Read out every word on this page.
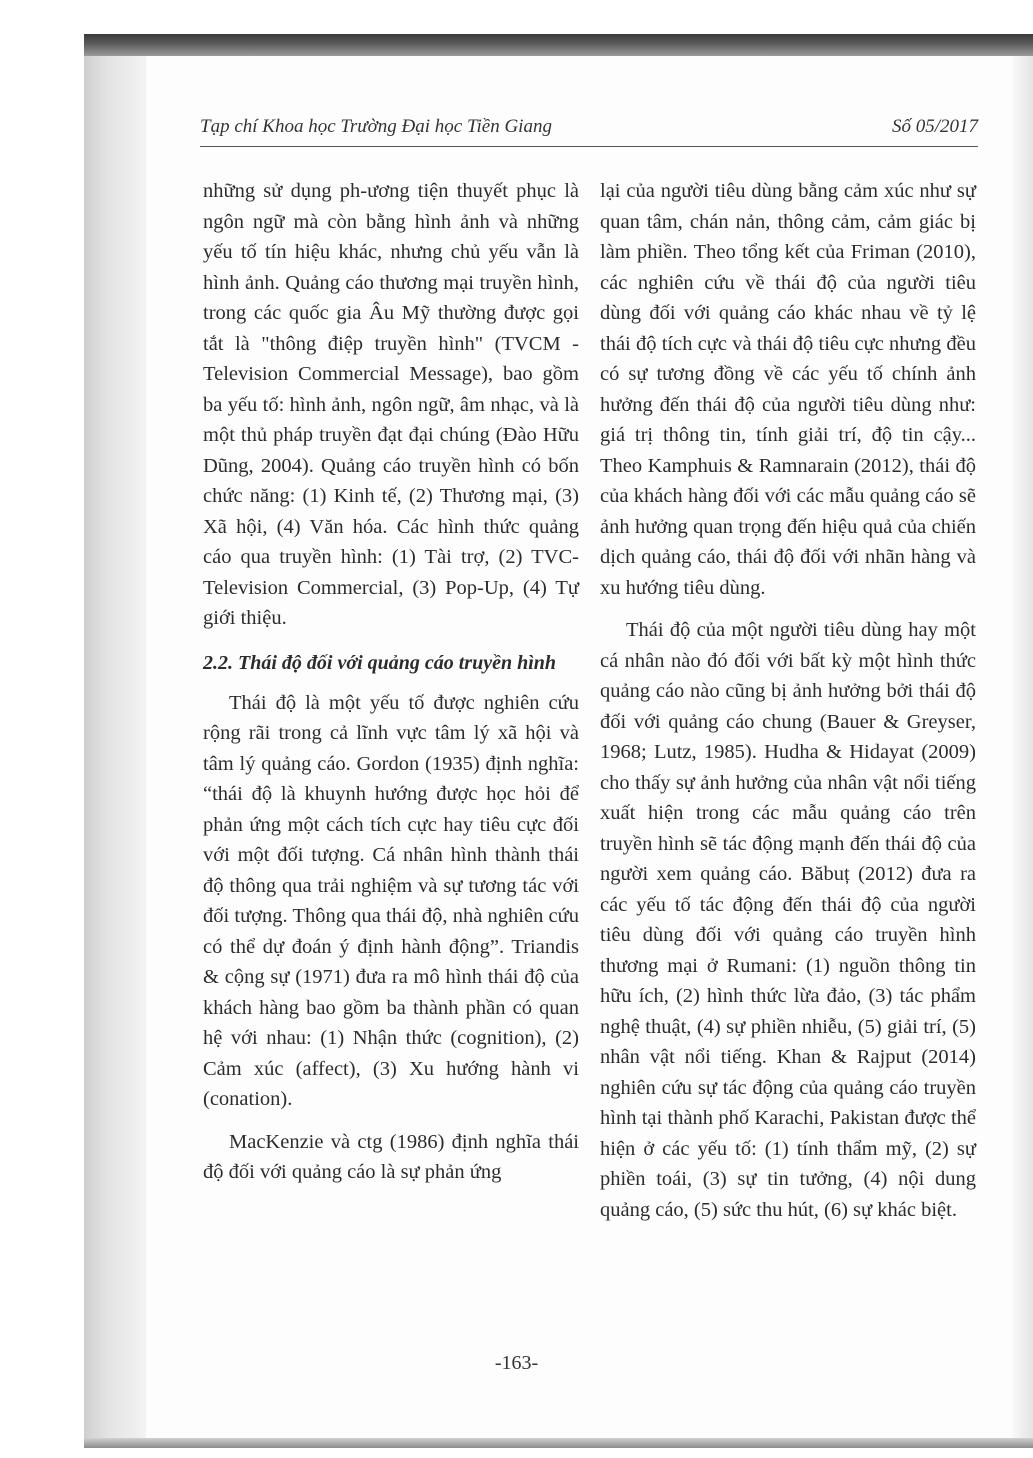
Tạp chí Khoa học Trường Đại học Tiền Giang	Số 05/2017

những sử dụng ph-ương tiện thuyết phục là ngôn ngữ mà còn bằng hình ảnh và những yếu tố tín hiệu khác, nhưng chủ yếu vẫn là hình ảnh. Quảng cáo thương mại truyền hình, trong các quốc gia Âu Mỹ thường được gọi tắt là "thông điệp truyền hình" (TVCM - Television Commercial Message), bao gồm ba yếu tố: hình ảnh, ngôn ngữ, âm nhạc, và là một thủ pháp truyền đạt đại chúng (Đào Hữu Dũng, 2004). Quảng cáo truyền hình có bốn chức năng: (1) Kinh tế, (2) Thương mại, (3) Xã hội, (4) Văn hóa. Các hình thức quảng cáo qua truyền hình: (1) Tài trợ, (2) TVC-Television Commercial, (3) Pop-Up, (4) Tự giới thiệu.

2.2. Thái độ đối với quảng cáo truyền hình

Thái độ là một yếu tố được nghiên cứu rộng rãi trong cả lĩnh vực tâm lý xã hội và tâm lý quảng cáo. Gordon (1935) định nghĩa: “thái độ là khuynh hướng được học hỏi để phản ứng một cách tích cực hay tiêu cực đối với một đối tượng. Cá nhân hình thành thái độ thông qua trải nghiệm và sự tương tác với đối tượng. Thông qua thái độ, nhà nghiên cứu có thể dự đoán ý định hành động”. Triandis & cộng sự (1971) đưa ra mô hình thái độ của khách hàng bao gồm ba thành phần có quan hệ với nhau: (1) Nhận thức (cognition), (2) Cảm xúc (affect), (3) Xu hướng hành vi (conation).

MacKenzie và ctg (1986) định nghĩa thái độ đối với quảng cáo là sự phản ứng

lại của người tiêu dùng bằng cảm xúc như sự quan tâm, chán nản, thông cảm, cảm giác bị làm phiền. Theo tổng kết của Friman (2010), các nghiên cứu về thái độ của người tiêu dùng đối với quảng cáo khác nhau về tỷ lệ thái độ tích cực và thái độ tiêu cực nhưng đều có sự tương đồng về các yếu tố chính ảnh hưởng đến thái độ của người tiêu dùng như: giá trị thông tin, tính giải trí, độ tin cậy... Theo Kamphuis & Ramnarain (2012), thái độ của khách hàng đối với các mẫu quảng cáo sẽ ảnh hưởng quan trọng đến hiệu quả của chiến dịch quảng cáo, thái độ đối với nhãn hàng và xu hướng tiêu dùng.

Thái độ của một người tiêu dùng hay một cá nhân nào đó đối với bất kỳ một hình thức quảng cáo nào cũng bị ảnh hưởng bởi thái độ đối với quảng cáo chung (Bauer & Greyser, 1968; Lutz, 1985). Hudha & Hidayat (2009) cho thấy sự ảnh hưởng của nhân vật nổi tiếng xuất hiện trong các mẫu quảng cáo trên truyền hình sẽ tác động mạnh đến thái độ của người xem quảng cáo. Băbuț (2012) đưa ra các yếu tố tác động đến thái độ của người tiêu dùng đối với quảng cáo truyền hình thương mại ở Rumani: (1) nguồn thông tin hữu ích, (2) hình thức lừa đảo, (3) tác phẩm nghệ thuật, (4) sự phiền nhiễu, (5) giải trí, (5) nhân vật nổi tiếng. Khan & Rajput (2014) nghiên cứu sự tác động của quảng cáo truyền hình tại thành phố Karachi, Pakistan được thể hiện ở các yếu tố: (1) tính thẩm mỹ, (2) sự phiền toái, (3) sự tin tưởng, (4) nội dung quảng cáo, (5) sức thu hút, (6) sự khác biệt.

-163-
